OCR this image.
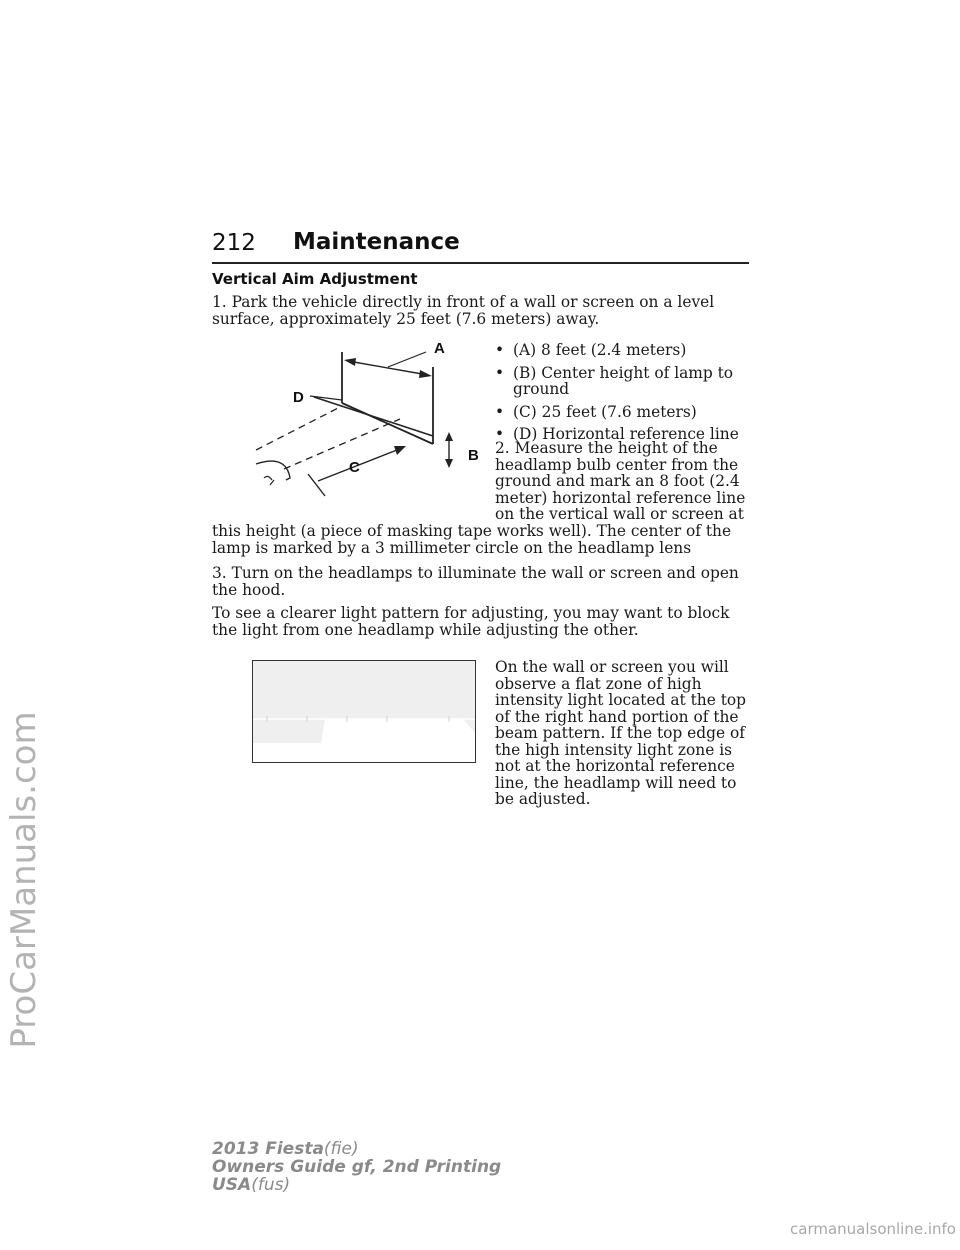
ProCarManuals.com
212 Maintenance
Vertical Aim Adjustment
1. Park the vehicle directly in front of a wall or screen on a level surface, approximately 25 feet (7.6 meters) away.
A
B
C
D
• (A) 8 feet (2.4 meters)
• (B) Center height of lamp to ground
• (C) 25 feet (7.6 meters)
• (D) Horizontal reference line
2. Measure the height of the headlamp bulb center from the ground and mark an 8 foot (2.4 meter) horizontal reference line on the vertical wall or screen at
this height (a piece of masking tape works well). The center of the lamp is marked by a 3 millimeter circle on the headlamp lens
3. Turn on the headlamps to illuminate the wall or screen and open the hood.
To see a clearer light pattern for adjusting, you may want to block the light from one headlamp while adjusting the other.
On the wall or screen you will observe a flat zone of high intensity light located at the top of the right hand portion of the beam pattern. If the top edge of the high intensity light zone is not at the horizontal reference line, the headlamp will need to be adjusted.
2013 Fiesta(fie)
Owners Guide gf, 2nd Printing
USA(fus)
carmanualsonline.info
